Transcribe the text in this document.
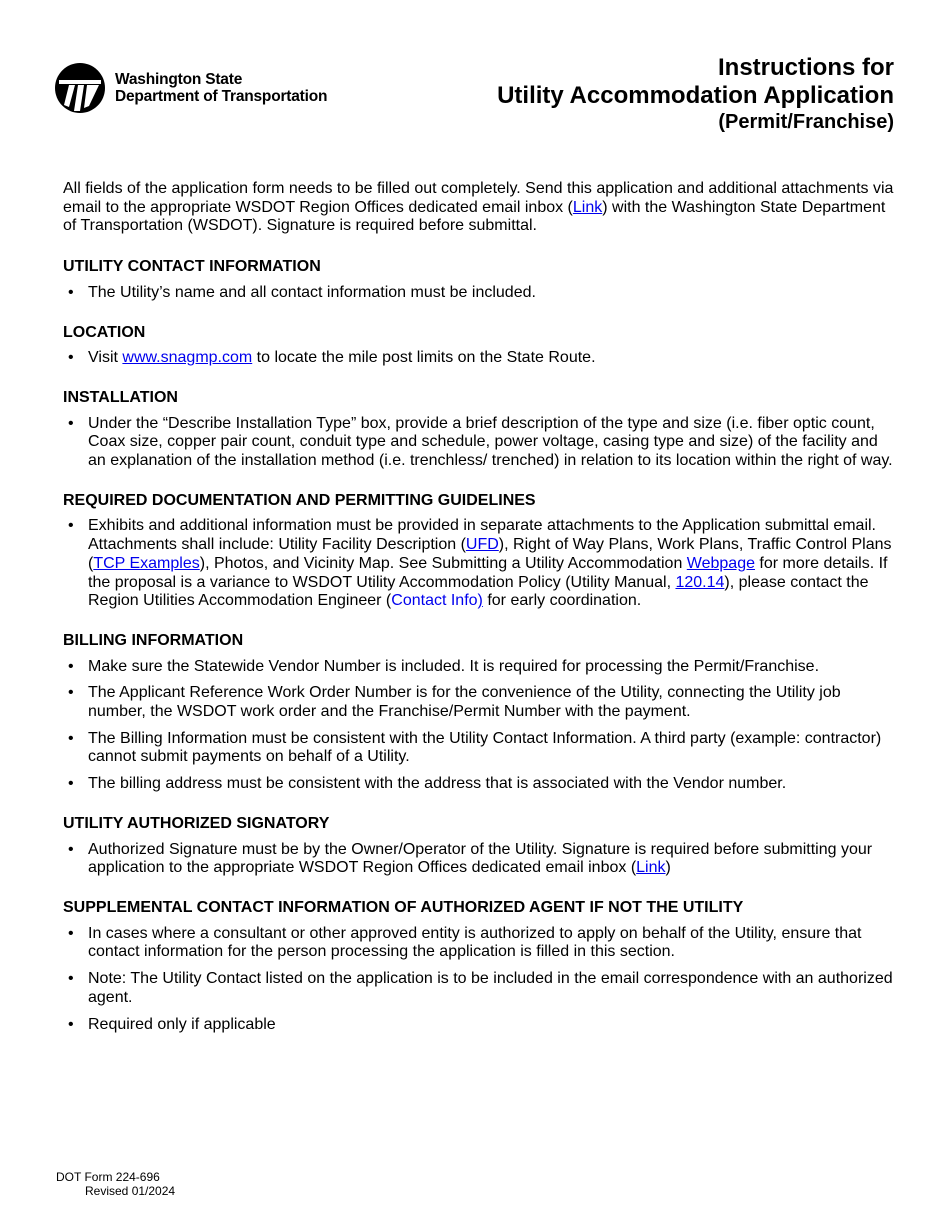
Washington State
Department of Transportation
Instructions for
Utility Accommodation Application
(Permit/Franchise)

All fields of the application form needs to be filled out completely. Send this application and additional attachments via email to the appropriate WSDOT Region Offices dedicated email inbox (Link) with the Washington State Department of Transportation (WSDOT). Signature is required before submittal.

UTILITY CONTACT INFORMATION
• The Utility’s name and all contact information must be included.
LOCATION
• Visit www.snagmp.com to locate the mile post limits on the State Route.
INSTALLATION
• Under the “Describe Installation Type” box, provide a brief description of the type and size (i.e. fiber optic count, Coax size, copper pair count, conduit type and schedule, power voltage, casing type and size) of the facility and an explanation of the installation method (i.e. trenchless/ trenched) in relation to its location within the right of way.
REQUIRED DOCUMENTATION AND PERMITTING GUIDELINES
• Exhibits and additional information must be provided in separate attachments to the Application submittal email. Attachments shall include: Utility Facility Description (UFD), Right of Way Plans, Work Plans, Traffic Control Plans (TCP Examples), Photos, and Vicinity Map. See Submitting a Utility Accommodation Webpage for more details. If the proposal is a variance to WSDOT Utility Accommodation Policy (Utility Manual, 120.14), please contact the Region Utilities Accommodation Engineer (Contact Info) for early coordination.
BILLING INFORMATION
• Make sure the Statewide Vendor Number is included. It is required for processing the Permit/Franchise.
• The Applicant Reference Work Order Number is for the convenience of the Utility, connecting the Utility job number, the WSDOT work order and the Franchise/Permit Number with the payment.
• The Billing Information must be consistent with the Utility Contact Information. A third party (example: contractor) cannot submit payments on behalf of a Utility.
• The billing address must be consistent with the address that is associated with the Vendor number.
UTILITY AUTHORIZED SIGNATORY
• Authorized Signature must be by the Owner/Operator of the Utility. Signature is required before submitting your application to the appropriate WSDOT Region Offices dedicated email inbox (Link)
SUPPLEMENTAL CONTACT INFORMATION OF AUTHORIZED AGENT IF NOT THE UTILITY
• In cases where a consultant or other approved entity is authorized to apply on behalf of the Utility, ensure that contact information for the person processing the application is filled in this section.
• Note: The Utility Contact listed on the application is to be included in the email correspondence with an authorized agent.
• Required only if applicable
DOT Form 224-696
Revised 01/2024
